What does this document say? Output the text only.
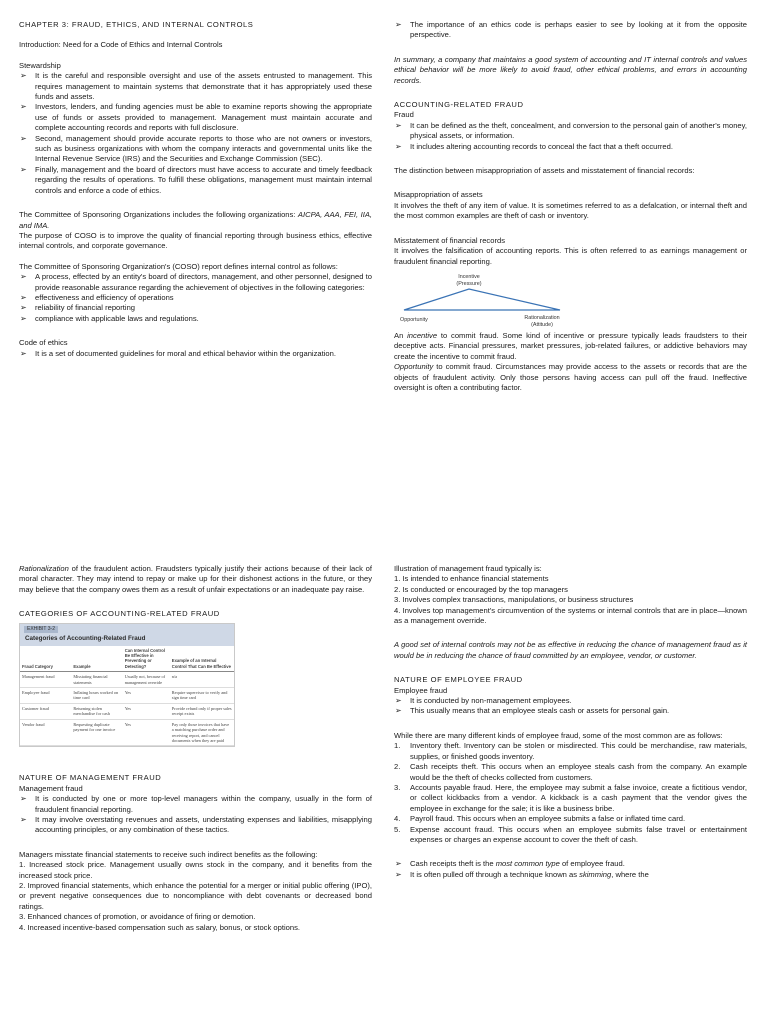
CHAPTER 3: FRAUD, ETHICS, AND INTERNAL CONTROLS

Introduction: Need for a Code of Ethics and Internal Controls

Stewardship

➢ It is the careful and responsible oversight and use of the assets entrusted to management. This requires management to maintain systems that demonstrate that it has appropriately used these funds and assets.
➢ Investors, lenders, and funding agencies must be able to examine reports showing the appropriate use of funds or assets provided to management. Management must maintain accurate and complete accounting records and reports with full disclosure.
➢ Second, management should provide accurate reports to those who are not owners or investors, such as business organizations with whom the company interacts and governmental units like the Internal Revenue Service (IRS) and the Securities and Exchange Commission (SEC).
➢ Finally, management and the board of directors must have access to accurate and timely feedback regarding the results of operations. To fulfill these obligations, management must maintain internal controls and enforce a code of ethics.

The Committee of Sponsoring Organizations includes the following organizations: AICPA, AAA, FEI, IIA, and IMA.

The purpose of COSO is to improve the quality of financial reporting through business ethics, effective internal controls, and corporate governance.

The Committee of Sponsoring Organization's (COSO) report defines internal control as follows:

➢ A process, effected by an entity's board of directors, management, and other personnel, designed to provide reasonable assurance regarding the achievement of objectives in the following categories:
➢ effectiveness and efficiency of operations
➢ reliability of financial reporting
➢ compliance with applicable laws and regulations.

Code of ethics

➢ It is a set of documented guidelines for moral and ethical behavior within the organization.
➢ The importance of an ethics code is perhaps easier to see by looking at it from the opposite perspective.

In summary, a company that maintains a good system of accounting and IT internal controls and values ethical behavior will be more likely to avoid fraud, other ethical problems, and errors in accounting records.

ACCOUNTING-RELATED FRAUD

Fraud

➢ It can be defined as the theft, concealment, and conversion to the personal gain of another's money, physical assets, or information.
➢ It includes altering accounting records to conceal the fact that a theft occurred.

The distinction between misappropriation of assets and misstatement of financial records:

Misappropriation of assets

It involves the theft of any item of value. It is sometimes referred to as a defalcation, or internal theft and the most common examples are theft of cash or inventory.

Misstatement of financial records

It involves the falsification of accounting reports. This is often referred to as earnings management or fraudulent financial reporting.

Incentive
(Pressure)
Opportunity	Rationalization
(Attitude)

An incentive to commit fraud. Some kind of incentive or pressure typically leads fraudsters to their deceptive acts. Financial pressures, market pressures, job-related failures, or addictive behaviors may create the incentive to commit fraud.

Opportunity to commit fraud. Circumstances may provide access to the assets or records that are the objects of fraudulent activity. Only those persons having access can pull off the fraud. Ineffective oversight is often a contributing factor.

Rationalization of the fraudulent action. Fraudsters typically justify their actions because of their lack of moral character. They may intend to repay or make up for their dishonest actions in the future, or they may believe that the company owes them as a result of unfair expectations or an inadequate pay raise.

CATEGORIES OF ACCOUNTING-RELATED FRAUD

EXHIBIT 3-2
Categories of Accounting-Related Fraud
Fraud Category	Example	Can Internal Control Be Effective in Preventing or Detecting?	Example of an Internal Control That Can Be Effective
Management fraud	Misstating financial statements	Usually not, because of management override	n/a
Employee fraud	Inflating hours worked on time card	Yes	Require supervisor to verify and sign time card
Customer fraud	Returning stolen merchandise for cash	Yes	Provide refund only if proper sales receipt exists
Vendor fraud	Requesting duplicate payment for one invoice	Yes	Pay only those invoices that have a matching purchase order and receiving report, and cancel documents when they are paid

NATURE OF MANAGEMENT FRAUD

Management fraud

➢ It is conducted by one or more top-level managers within the company, usually in the form of fraudulent financial reporting.
➢ It may involve overstating revenues and assets, understating expenses and liabilities, misapplying accounting principles, or any combination of these tactics.

Managers misstate financial statements to receive such indirect benefits as the following:

1. Increased stock price. Management usually owns stock in the company, and it benefits from the increased stock price.

2. Improved financial statements, which enhance the potential for a merger or initial public offering (IPO), or prevent negative consequences due to noncompliance with debt covenants or decreased bond ratings.

3. Enhanced chances of promotion, or avoidance of firing or demotion.

4. Increased incentive-based compensation such as salary, bonus, or stock options.

Illustration of management fraud typically is:

1. Is intended to enhance financial statements

2. Is conducted or encouraged by the top managers

3. Involves complex transactions, manipulations, or business structures

4. Involves top management's circumvention of the systems or internal controls that are in place—known as a management override.

A good set of internal controls may not be as effective in reducing the chance of management fraud as it would be in reducing the chance of fraud committed by an employee, vendor, or customer.

NATURE OF EMPLOYEE FRAUD

Employee fraud

➢ It is conducted by non-management employees.
➢ This usually means that an employee steals cash or assets for personal gain.

While there are many different kinds of employee fraud, some of the most common are as follows:

1. Inventory theft. Inventory can be stolen or misdirected. This could be merchandise, raw materials, supplies, or finished goods inventory.
2. Cash receipts theft. This occurs when an employee steals cash from the company. An example would be the theft of checks collected from customers.
3. Accounts payable fraud. Here, the employee may submit a false invoice, create a fictitious vendor, or collect kickbacks from a vendor. A kickback is a cash payment that the vendor gives the employee in exchange for the sale; it is like a business bribe.
4. Payroll fraud. This occurs when an employee submits a false or inflated time card.
5. Expense account fraud. This occurs when an employee submits false travel or entertainment expenses or charges an expense account to cover the theft of cash.
➢ Cash receipts theft is the most common type of employee fraud.
➢ It is often pulled off through a technique known as skimming, where the
